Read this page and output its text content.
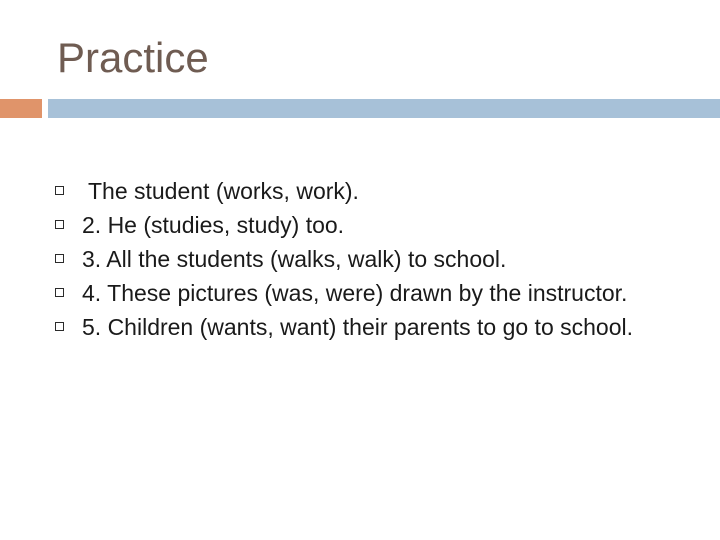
Practice
The student (works, work).
2. He (studies, study) too.
3. All the students (walks, walk) to school.
4. These pictures (was, were) drawn by the instructor.
5. Children (wants, want) their parents to go to school.
